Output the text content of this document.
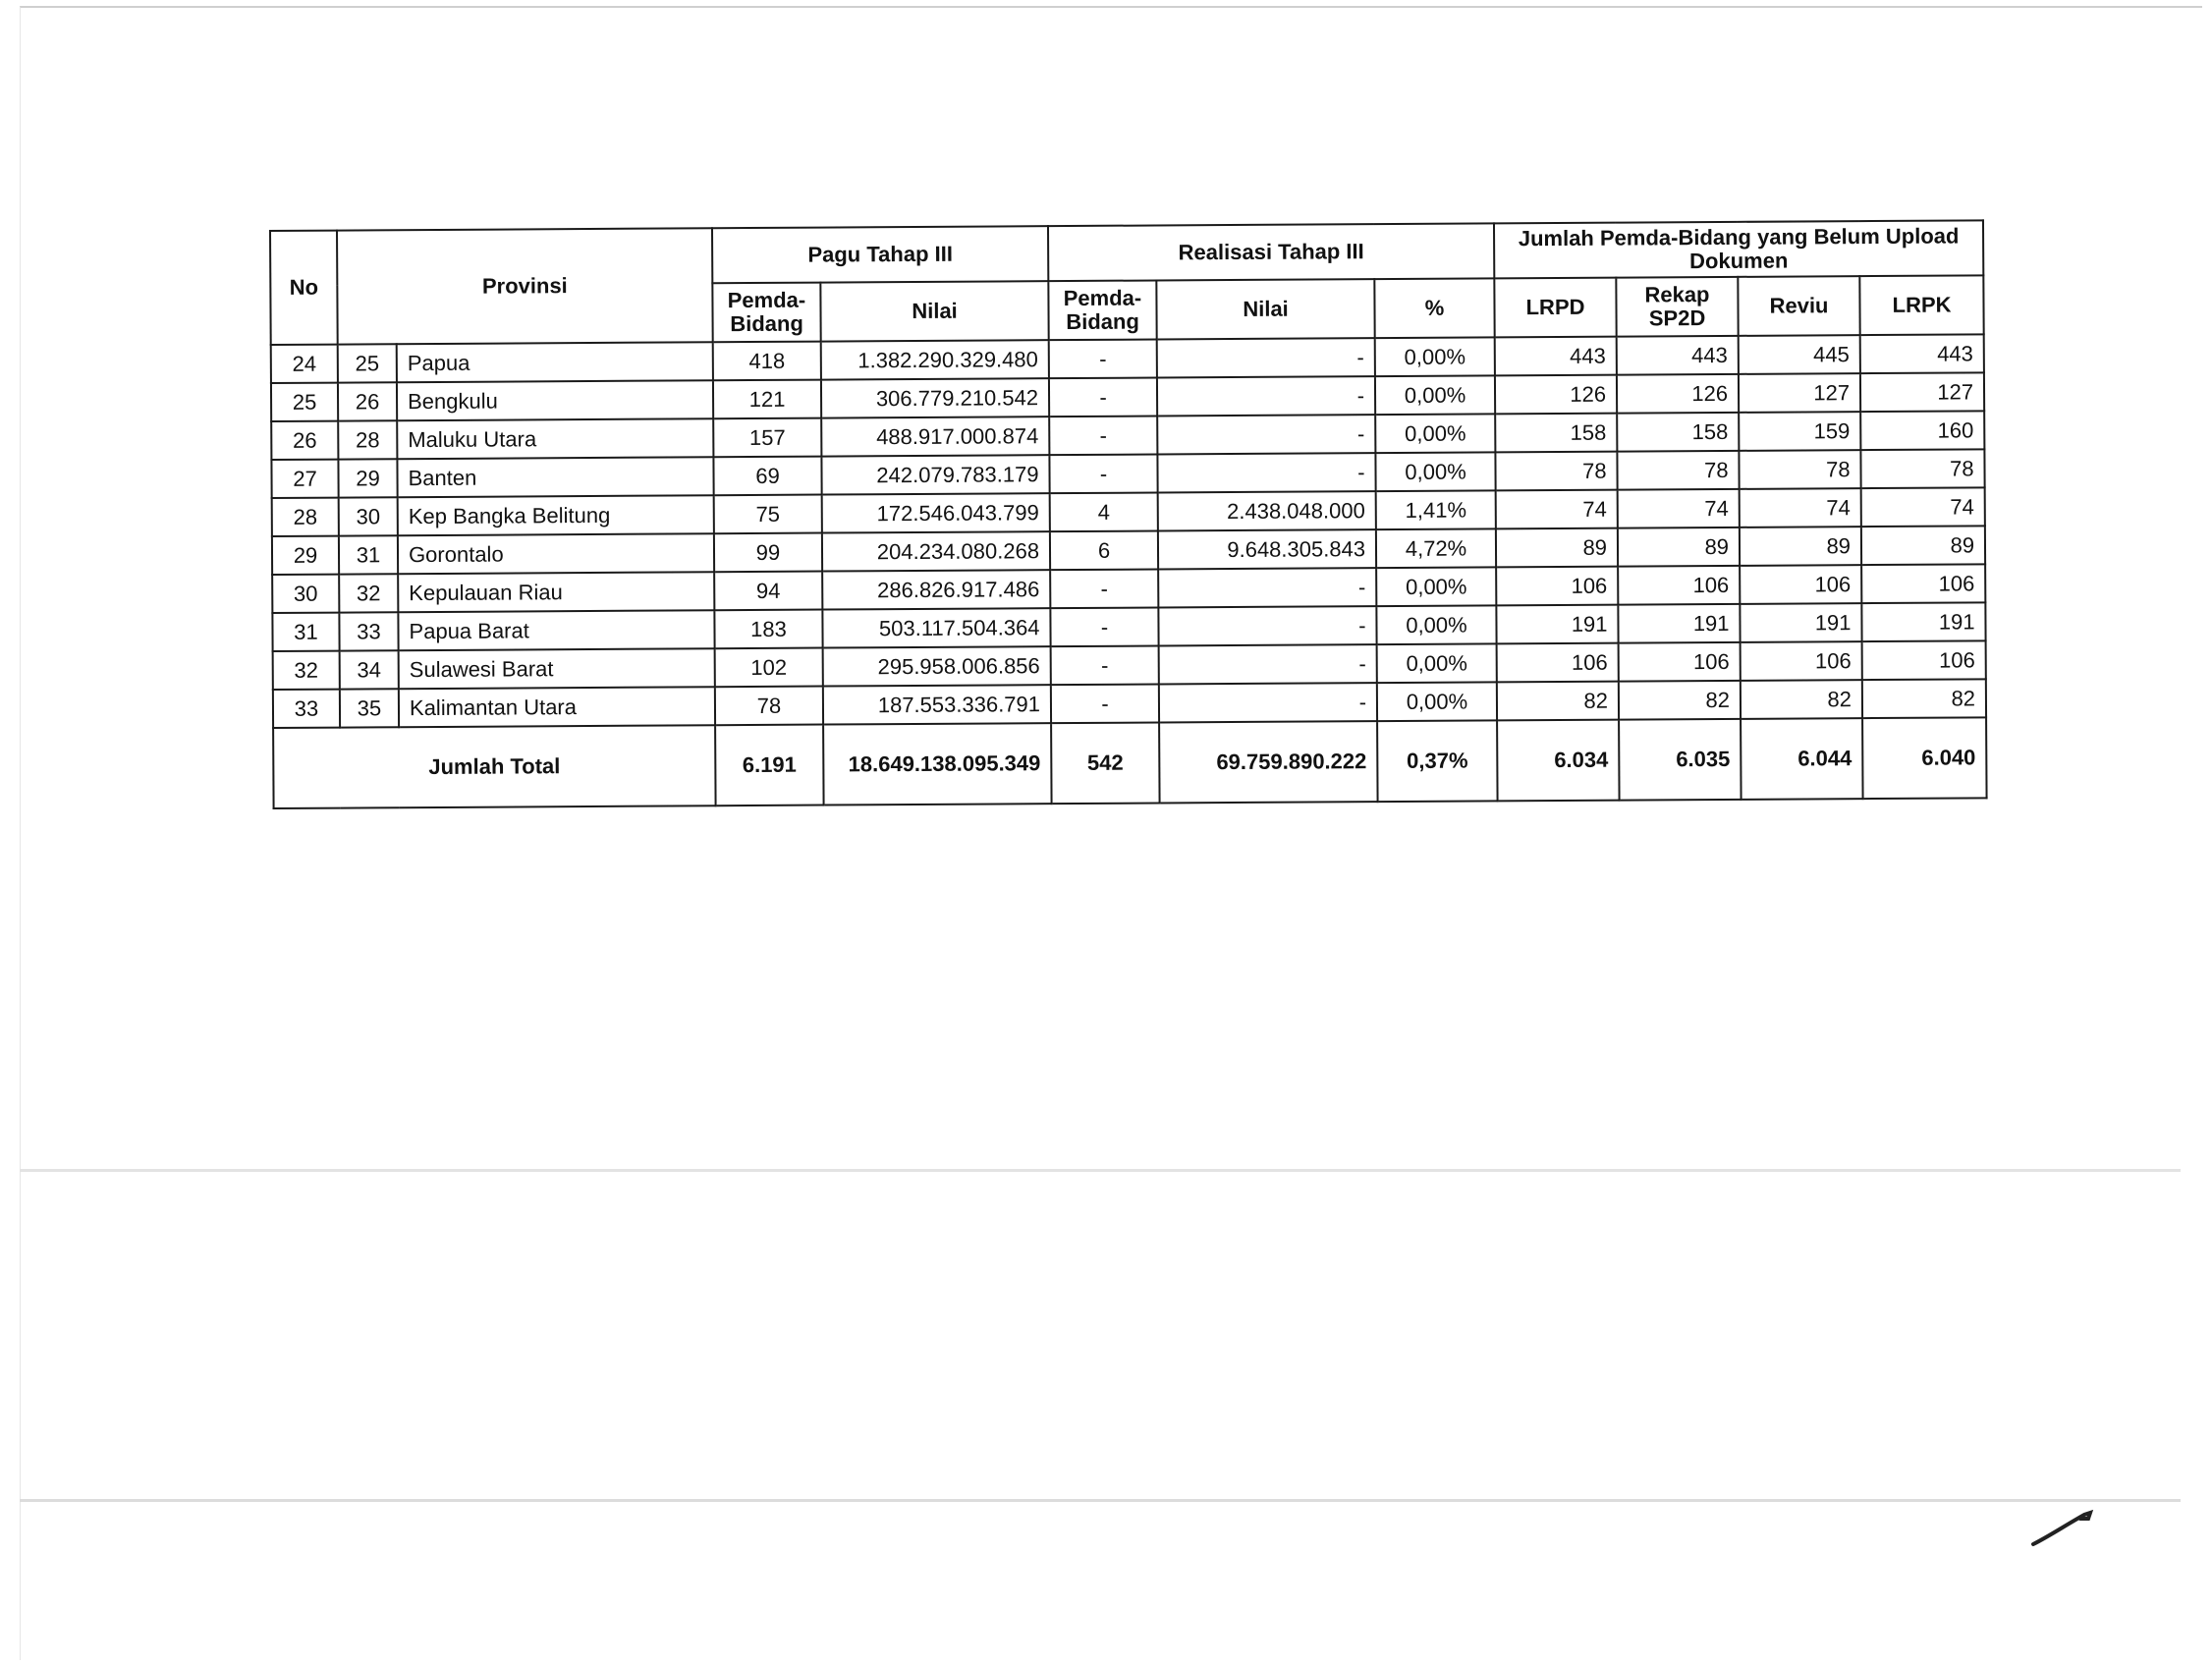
No	Provinsi		Pagu Tahap III		Realisasi Tahap III			Jumlah Pemda-Bidang yang Belum Upload Dokumen			
			Pemda-Bidang	Nilai	Pemda-Bidang	Nilai	%	LRPD	Rekap SP2D	Reviu	LRPK
24	25	Papua	418	1.382.290.329.480	-	-	0,00%	443	443	445	443
25	26	Bengkulu	121	306.779.210.542	-	-	0,00%	126	126	127	127
26	28	Maluku Utara	157	488.917.000.874	-	-	0,00%	158	158	159	160
27	29	Banten	69	242.079.783.179	-	-	0,00%	78	78	78	78
28	30	Kep Bangka Belitung	75	172.546.043.799	4	2.438.048.000	1,41%	74	74	74	74
29	31	Gorontalo	99	204.234.080.268	6	9.648.305.843	4,72%	89	89	89	89
30	32	Kepulauan Riau	94	286.826.917.486	-	-	0,00%	106	106	106	106
31	33	Papua Barat	183	503.117.504.364	-	-	0,00%	191	191	191	191
32	34	Sulawesi Barat	102	295.958.006.856	-	-	0,00%	106	106	106	106
33	35	Kalimantan Utara	78	187.553.336.791	-	-	0,00%	82	82	82	82
Jumlah Total			6.191	18.649.138.095.349	542	69.759.890.222	0,37%	6.034	6.035	6.044	6.040
